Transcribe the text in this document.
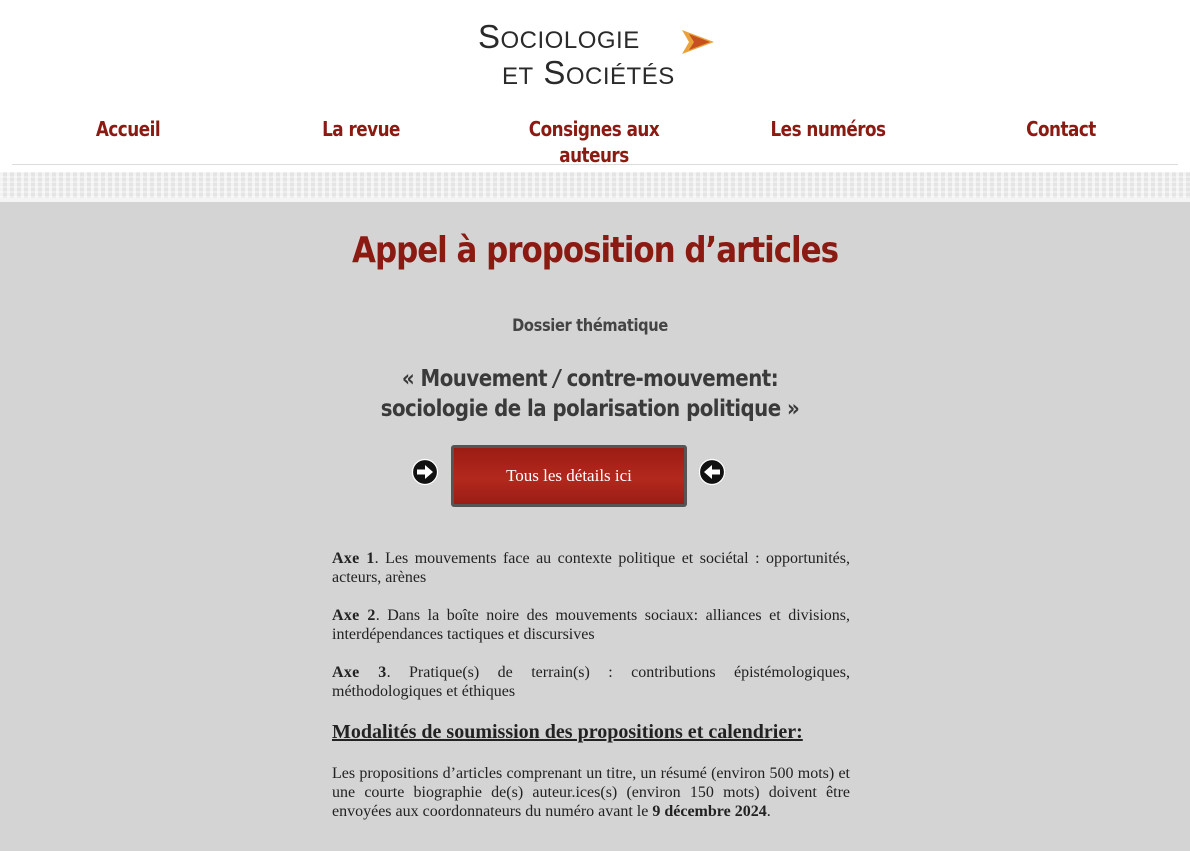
SOCIOLOGIE
ET SOCIÉTÉS
Accueil	La revue	Consignes aux auteurs
Les numéros	Contact
Appel à proposition d’articles
Dossier thématique
« Mouvement / contre-mouvement:
sociologie de la polarisation politique »
Tous les détails ici

Axe 1. Les mouvements face au contexte politique et sociétal : opportunités, acteurs, arènes

Axe 2. Dans la boîte noire des mouvements sociaux: alliances et divisions, interdépendances tactiques et discursives

Axe 3. Pratique(s) de terrain(s) : contributions épistémologiques, méthodologiques et éthiques

Modalités de soumission des propositions et calendrier:

Les propositions d’articles comprenant un titre, un résumé (environ 500 mots) et une courte biographie de(s) auteur.ices(s) (environ 150 mots) doivent être envoyées aux coordonnateurs du numéro avant le 9 décembre 2024.
